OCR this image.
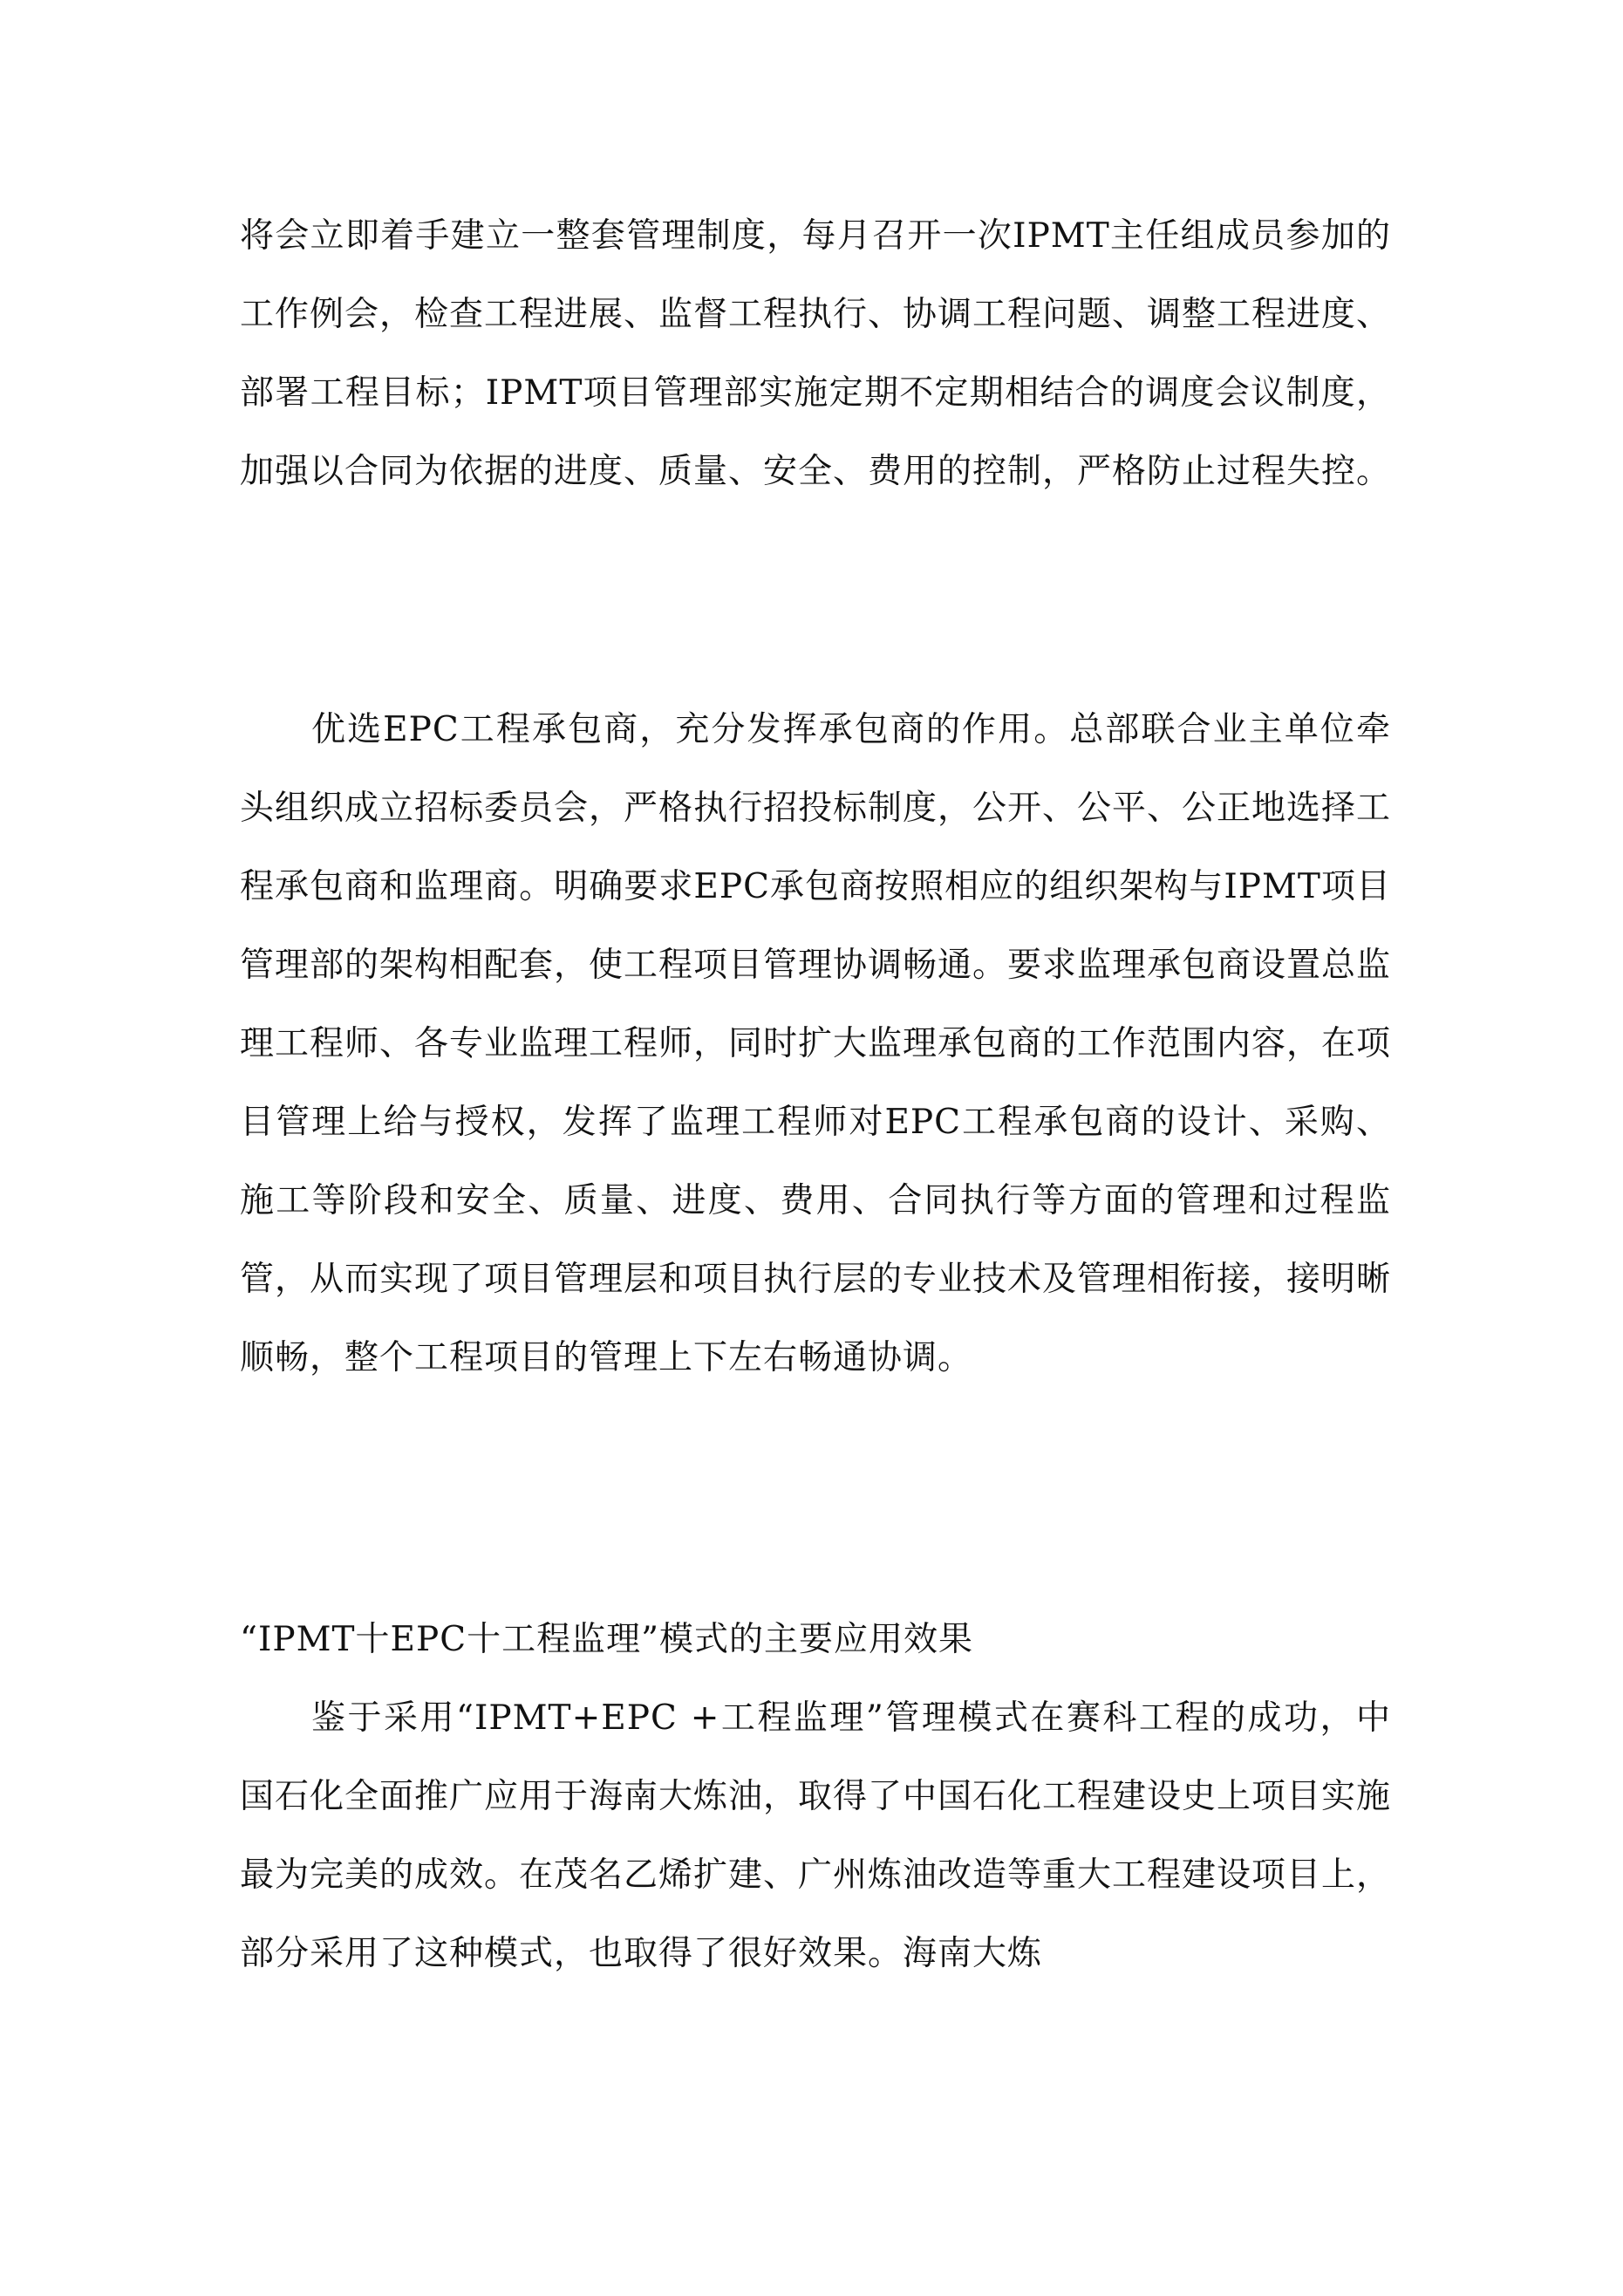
将会立即着手建立一整套管理制度，每月召开一次IPMT主任组成员参加的工作例会，检查工程进展、监督工程执行、协调工程问题、调整工程进度、部署工程目标；IPMT项目管理部实施定期不定期相结合的调度会议制度，加强以合同为依据的进度、质量、安全、费用的控制，严格防止过程失控。

优选EPC工程承包商，充分发挥承包商的作用。总部联合业主单位牵头组织成立招标委员会，严格执行招投标制度，公开、公平、公正地选择工程承包商和监理商。明确要求EPC承包商按照相应的组织架构与IPMT项目管理部的架构相配套，使工程项目管理协调畅通。要求监理承包商设置总监理工程师、各专业监理工程师，同时扩大监理承包商的工作范围内容，在项目管理上给与授权，发挥了监理工程师对EPC工程承包商的设计、采购、施工等阶段和安全、质量、进度、费用、合同执行等方面的管理和过程监管，从而实现了项目管理层和项目执行层的专业技术及管理相衔接，接明晰顺畅，整个工程项目的管理上下左右畅通协调。

“IPMT十EPC十工程监理”模式的主要应用效果

鉴于采用“IPMT+EPC +工程监理”管理模式在赛科工程的成功，中国石化全面推广应用于海南大炼油，取得了中国石化工程建设史上项目实施最为完美的成效。在茂名乙烯扩建、广州炼油改造等重大工程建设项目上，部分采用了这种模式，也取得了很好效果。海南大炼
